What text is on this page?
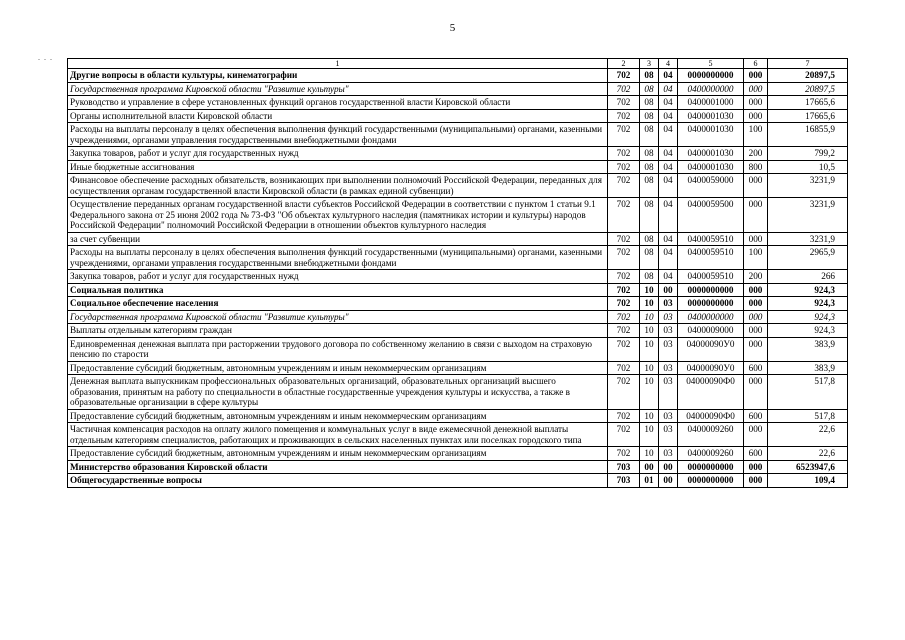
5
. . .
1	2	3	4	5	6	7
Другие вопросы в области культуры, кинематографии	702	08	04	0000000000	000	20897,5
Государственная программа Кировской области "Развитие культуры"	702	08	04	0400000000	000	20897,5
Руководство и управление в сфере установленных функций органов государственной власти Кировской области	702	08	04	0400001000	000	17665,6
Органы исполнительной власти Кировской области	702	08	04	0400001030	000	17665,6
Расходы на выплаты персоналу в целях обеспечения выполнения функций государственными (муниципальными) органами, казенными учреждениями, органами управления государственными внебюджетными фондами	702	08	04	0400001030	100	16855,9
Закупка товаров, работ и услуг для государственных нужд	702	08	04	0400001030	200	799,2
Иные бюджетные ассигнования	702	08	04	0400001030	800	10,5
Финансовое обеспечение расходных обязательств, возникающих при выполнении полномочий Российской Федерации, переданных для осуществления органам государственной власти Кировской области (в рамках единой субвенции)	702	08	04	0400059000	000	3231,9
Осуществление переданных органам государственной власти субъектов Российской Федерации в соответствии с пунктом 1 статьи 9.1 Федерального закона от 25 июня 2002 года № 73-ФЗ "Об объектах культурного наследия (памятниках истории и культуры) народов Российской Федерации" полномочий Российской Федерации в отношении объектов культурного наследия	702	08	04	0400059500	000	3231,9
за счет субвенции	702	08	04	0400059510	000	3231,9
Расходы на выплаты персоналу в целях обеспечения выполнения функций государственными (муниципальными) органами, казенными учреждениями, органами управления государственными внебюджетными фондами	702	08	04	0400059510	100	2965,9
Закупка товаров, работ и услуг для государственных нужд	702	08	04	0400059510	200	266
Социальная политика	702	10	00	0000000000	000	924,3
Социальное обеспечение населения	702	10	03	0000000000	000	924,3
Государственная программа Кировской области "Развитие культуры"	702	10	03	0400000000	000	924,3
Выплаты отдельным категориям граждан	702	10	03	0400009000	000	924,3
Единовременная денежная выплата при расторжении трудового договора по собственному желанию в связи с выходом на страховую пенсию по старости	702	10	03	04000090У0	000	383,9
Предоставление субсидий бюджетным, автономным учреждениям и иным некоммерческим организациям	702	10	03	04000090У0	600	383,9
Денежная выплата выпускникам профессиональных образовательных организаций, образовательных организаций высшего образования, принятым на работу по специальности в областные государственные учреждения культуры и искусства, а также в образовательные организации в сфере культуры	702	10	03	04000090Ф0	000	517,8
Предоставление субсидий бюджетным, автономным учреждениям и иным некоммерческим организациям	702	10	03	04000090Ф0	600	517,8
Частичная компенсация расходов на оплату жилого помещения и коммунальных услуг в виде ежемесячной денежной выплаты отдельным категориям специалистов, работающих и проживающих в сельских населенных пунктах или поселках городского типа	702	10	03	0400009260	000	22,6
Предоставление субсидий бюджетным, автономным учреждениям и иным некоммерческим организациям	702	10	03	0400009260	600	22,6
Министерство образования Кировской области	703	00	00	0000000000	000	6523947,6
Общегосударственные вопросы	703	01	00	0000000000	000	109,4
